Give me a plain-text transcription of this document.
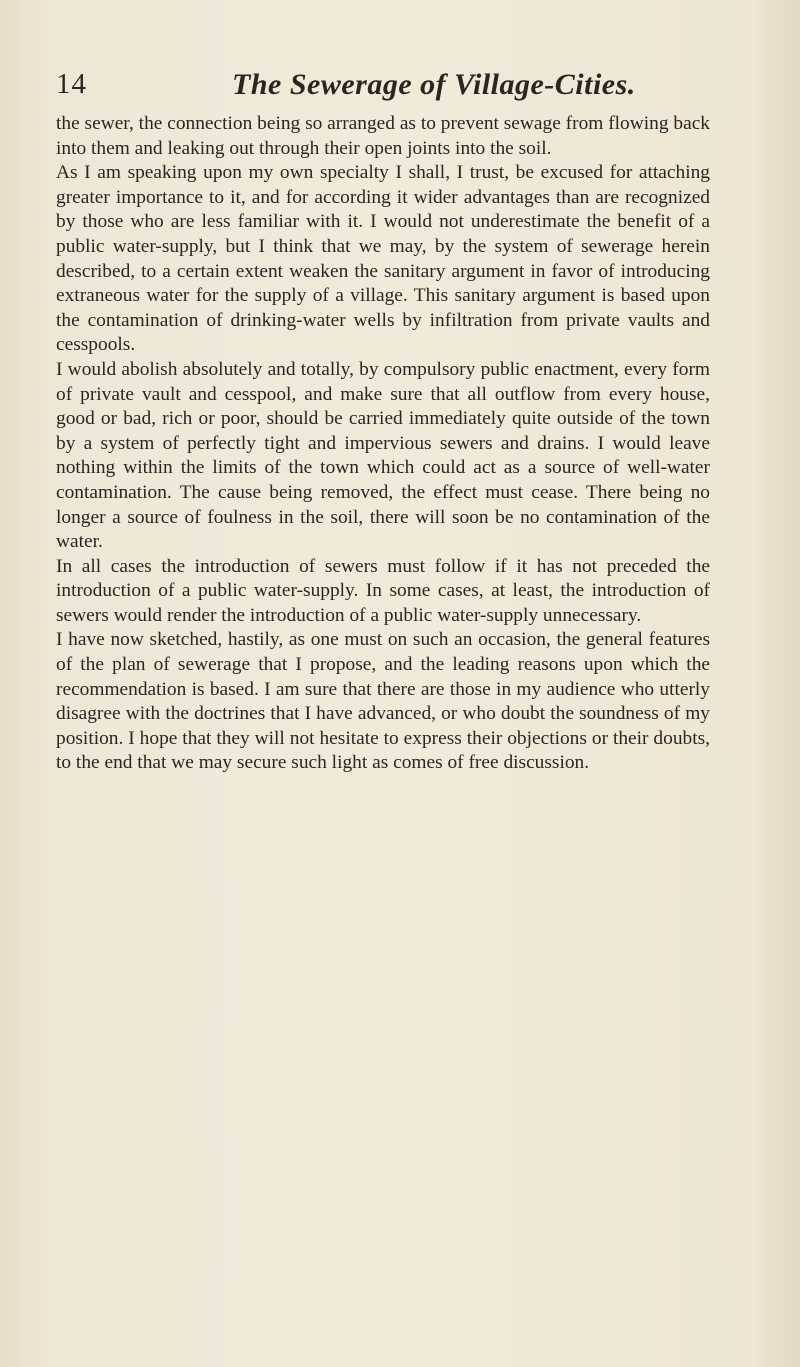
14	The Sewerage of Village-Cities.

the sewer, the connection being so arranged as to prevent sewage from flowing back into them and leaking out through their open joints into the soil.

As I am speaking upon my own specialty I shall, I trust, be excused for attaching greater importance to it, and for according it wider advantages than are recognized by those who are less familiar with it. I would not underestimate the benefit of a public water-supply, but I think that we may, by the system of sewerage herein described, to a certain extent weaken the sanitary argument in favor of introducing extraneous water for the supply of a village. This sanitary argument is based upon the contamination of drinking-water wells by infiltration from private vaults and cesspools.

I would abolish absolutely and totally, by compulsory public enactment, every form of private vault and cesspool, and make sure that all outflow from every house, good or bad, rich or poor, should be carried immediately quite outside of the town by a system of perfectly tight and impervious sewers and drains. I would leave nothing within the limits of the town which could act as a source of well-water contamination. The cause being removed, the effect must cease. There being no longer a source of foulness in the soil, there will soon be no contamination of the water.

In all cases the introduction of sewers must follow if it has not preceded the introduction of a public water-supply. In some cases, at least, the introduction of sewers would render the introduction of a public water-supply unnecessary.

I have now sketched, hastily, as one must on such an occasion, the general features of the plan of sewerage that I propose, and the leading reasons upon which the recommendation is based. I am sure that there are those in my audience who utterly disagree with the doctrines that I have advanced, or who doubt the soundness of my position. I hope that they will not hesitate to express their objections or their doubts, to the end that we may secure such light as comes of free discussion.
